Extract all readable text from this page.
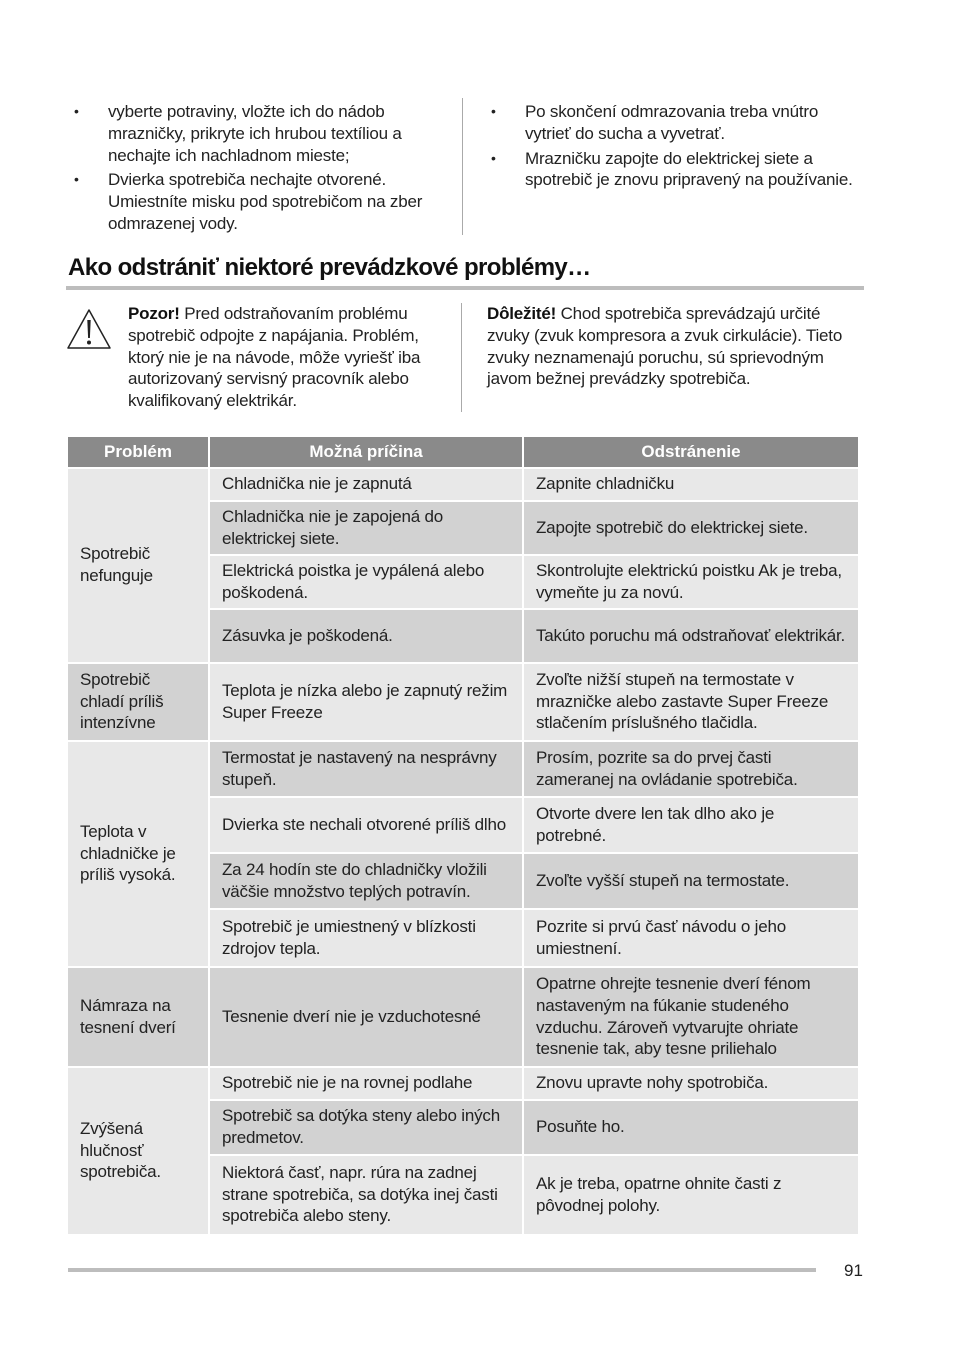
• vyberte potraviny, vložte ich do nádob mrazničky, prikryte ich hrubou textíliou a nechajte ich nachladnom mieste;
• Dvierka spotrebiča nechajte otvorené. Umiestníte misku pod spotrebičom na zber odmrazenej vody.
• Po skončení odmrazovania treba vnútro vytrieť do sucha a vyvetrať.
• Mrazničku zapojte do elektrickej siete a spotrebič je znovu pripravený na používanie.
Ako odstrániť niektoré prevádzkové problémy…

Pozor! Pred odstraňovaním problému spotrebič odpojte z napájania. Problém, ktorý nie je na návode, môže vyriešť iba autorizovaný servisný pracovník alebo kvalifikovaný elektrikár.

Dôležité! Chod spotrebiča sprevádzajú určité zvuky (zvuk kompresora a zvuk cirkulácie). Tieto zvuky neznamenajú poruchu, sú sprievodným javom bežnej prevádzky spotrebiča.

Problém	Možná príčina	Odstránenie
Spotrebič nefunguje	Chladnička nie je zapnutá	Zapnite chladničku
	Chladnička nie je zapojená do elektrickej siete.	Zapojte spotrebič do elektrickej siete.
	Elektrická poistka je vypálená alebo poškodená.	Skontrolujte elektrickú poistku Ak je treba, vymeňte ju za novú.
	Zásuvka je poškodená.	Takúto poruchu má odstraňovať elektrikár.
Spotrebič chladí príliš intenzívne	Teplota je nízka alebo je zapnutý režim Super Freeze	Zvoľte nižší stupeň na termostate v mrazničke alebo zastavte Super Freeze stlačením príslušného tlačidla.
Teplota v chladničke je príliš vysoká.	Termostat je nastavený na nesprávny stupeň.	Prosím, pozrite sa do prvej časti zameranej na ovládanie spotrebiča.
	Dvierka ste nechali otvorené príliš dlho	Otvorte dvere len tak dlho ako je potrebné.
	Za 24 hodín ste do chladničky vložili väčšie množstvo teplých potravín.	Zvoľte vyšší stupeň na termostate.
	Spotrebič je umiestnený v blízkosti zdrojov tepla.	Pozrite si prvú časť návodu o jeho umiestnení.
Námraza na tesnení dverí	Tesnenie dverí nie je vzduchotesné	Opatrne ohrejte tesnenie dverí fénom nastaveným na fúkanie studeného vzduchu. Zároveň vytvarujte ohriate tesnenie tak, aby tesne priliehalo
Zvýšená hlučnosť spotrebiča.	Spotrebič nie je na rovnej podlahe	Znovu upravte nohy spotrobiča.
	Spotrebič sa dotýka steny alebo iných predmetov.	Posuňte ho.
	Niektorá časť, napr. rúra na zadnej strane spotrebiča, sa dotýka inej časti spotrebiča alebo steny.	Ak je treba, opatrne ohnite časti z pôvodnej polohy.
91
